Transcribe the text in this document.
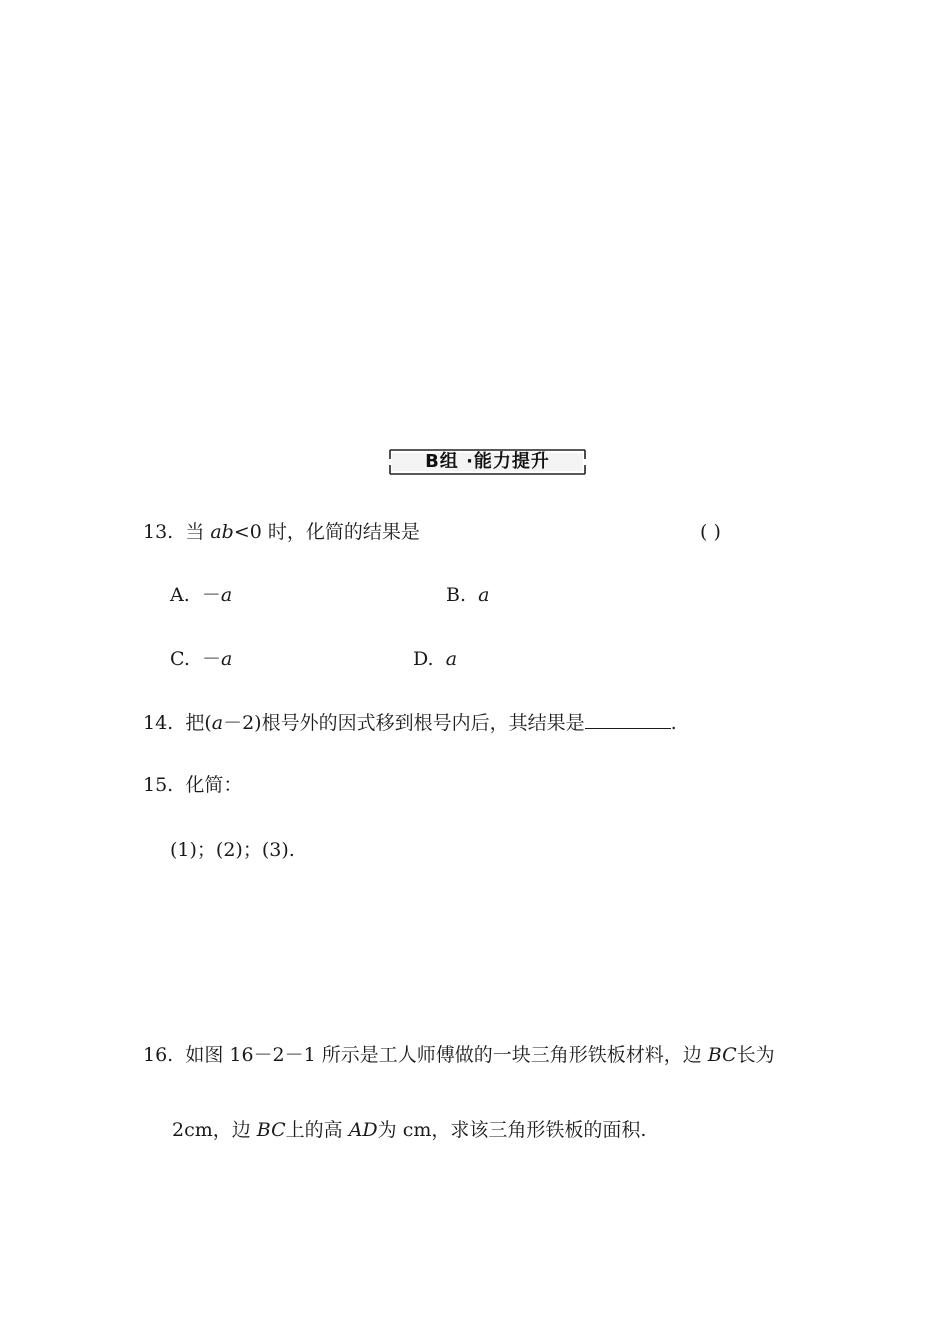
B组 ·能力提升
13. 当 ab<0 时，化简的结果是	( )
A. －a	B. a
C. －a	D. a
14. 把(a－2)根号外的因式移到根号内后，其结果是	.
15. 化简：
(1)；(2)；(3).
16. 如图 16－2－1 所示是工人师傅做的一块三角形铁板材料，边 BC长为
2cm，边 BC上的高 AD为 cm，求该三角形铁板的面积.
